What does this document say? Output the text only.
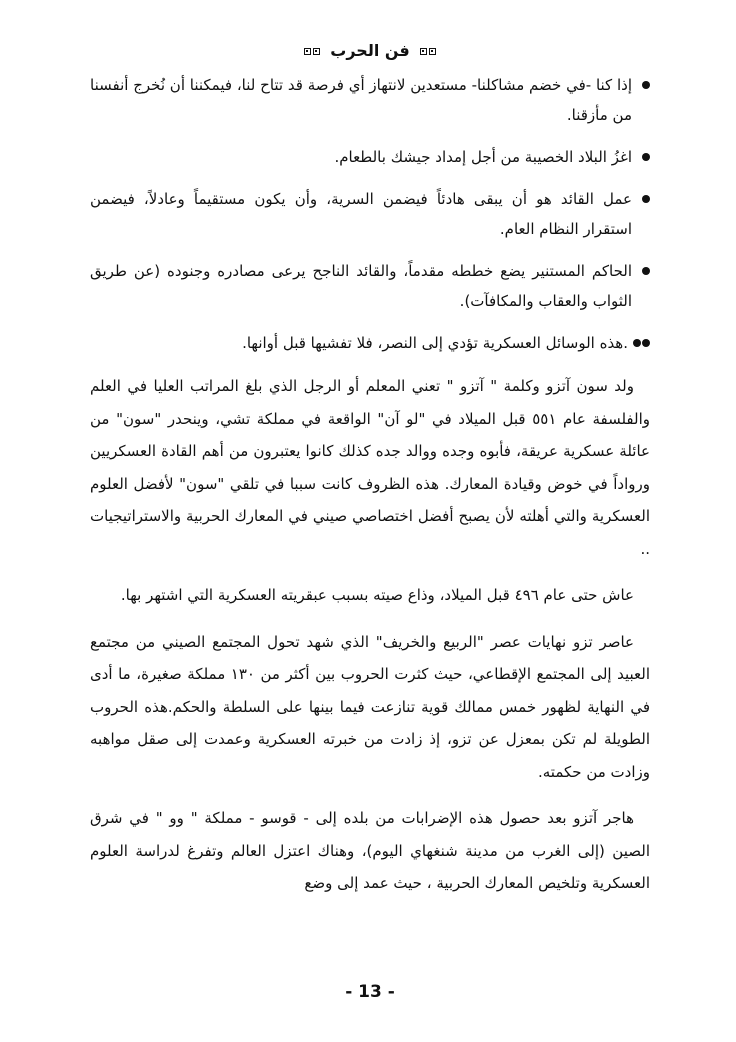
فن الحرب
إذا كنا -في خضم مشاكلنا- مستعدين لانتهاز أي فرصة قد تتاح لنا، فيمكننا أن نُخرج أنفسنا من مأزقنا.
اغزُ البلاد الخصيبة من أجل إمداد جيشك بالطعام.
عمل القائد هو أن يبقى هادئاً فيضمن السرية، وأن يكون مستقيماً وعادلاً، فيضمن استقرار النظام العام.
الحاكم المستنير يضع خططه مقدماً، والقائد الناجح يرعى مصادره وجنوده (عن طريق الثواب والعقاب والمكافآت).
.هذه الوسائل العسكرية تؤدي إلى النصر، فلا تفشيها قبل أوانها.

ولد سون آتزو وكلمة " آتزو " تعني المعلم أو الرجل الذي بلغ المراتب العليا في العلم والفلسفة عام ٥٥١ قبل الميلاد في "لو آن" الواقعة في مملكة تشي، وينحدر "سون" من عائلة عسكرية عريقة، فأبوه وجده ووالد جده كذلك كانوا يعتبرون من أهم القادة العسكريين ورواداً في خوض وقيادة المعارك. هذه الظروف كانت سببا في تلقي "سون" لأفضل العلوم العسكرية والتي أهلته لأن يصبح أفضل اختصاصي صيني في المعارك الحربية والاستراتيجيات ..

عاش حتى عام ٤٩٦ قبل الميلاد، وذاع صيته بسبب عبقريته العسكرية التي اشتهر بها.

عاصر تزو نهايات عصر "الربيع والخريف" الذي شهد تحول المجتمع الصيني من مجتمع العبيد إلى المجتمع الإقطاعي، حيث كثرت الحروب بين أكثر من ١٣٠ مملكة صغيرة، ما أدى في النهاية لظهور خمس ممالك قوية تنازعت فيما بينها على السلطة والحكم.هذه الحروب الطويلة لم تكن بمعزل عن تزو، إذ زادت من خبرته العسكرية وعمدت إلى صقل مواهبه وزادت من حكمته.

هاجر آتزو بعد حصول هذه الإضرابات من بلده إلى - قوسو - مملكة " وو " في شرق الصين (إلى الغرب من مدينة شنغهاي اليوم)، وهناك اعتزل العالم وتفرغ لدراسة العلوم العسكرية وتلخيص المعارك الحربية ، حيث عمد إلى وضع

- 13 -
